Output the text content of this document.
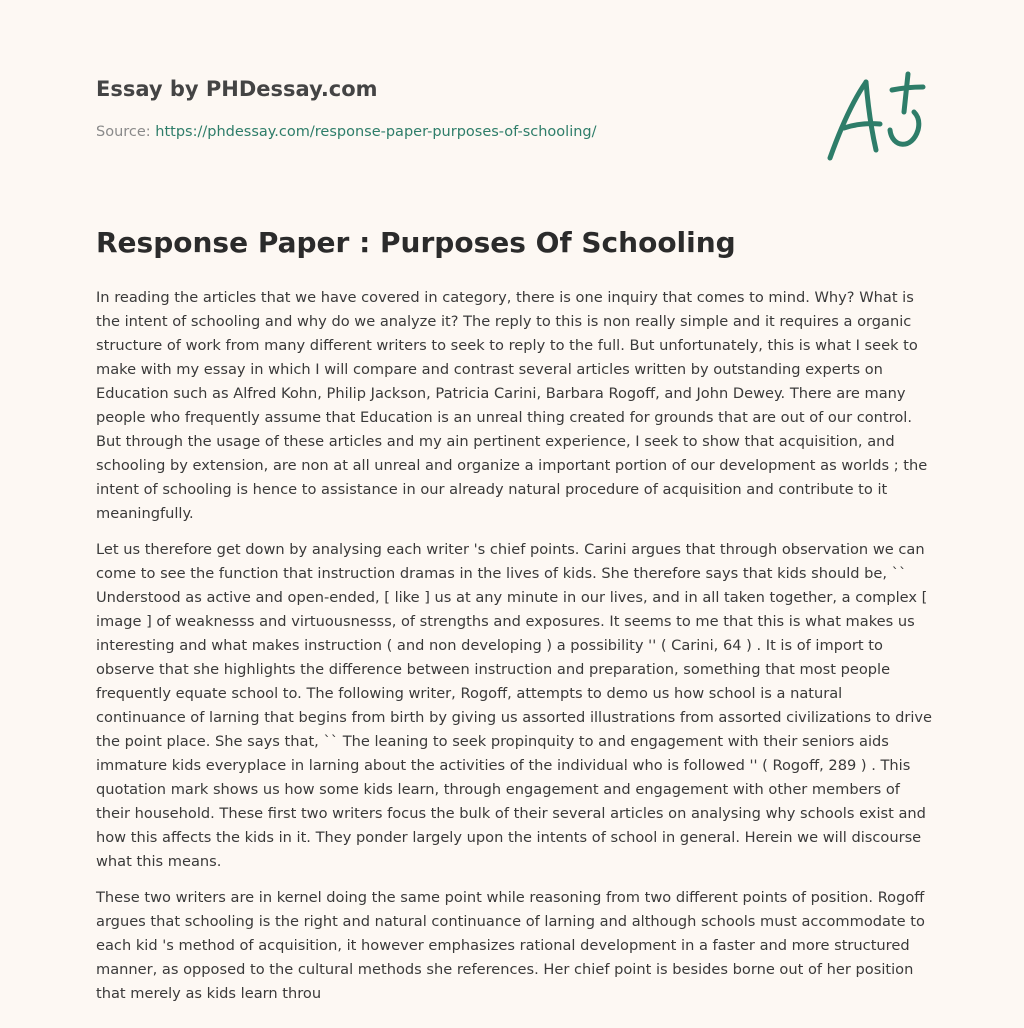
Essay by PHDessay.com
Source: https://phdessay.com/response-paper-purposes-of-schooling/
Response Paper : Purposes Of Schooling

In reading the articles that we have covered in category, there is one inquiry that comes to mind. Why? What is the intent of schooling and why do we analyze it? The reply to this is non really simple and it requires a organic structure of work from many different writers to seek to reply to the full. But unfortunately, this is what I seek to make with my essay in which I will compare and contrast several articles written by outstanding experts on Education such as Alfred Kohn, Philip Jackson, Patricia Carini, Barbara Rogoff, and John Dewey. There are many people who frequently assume that Education is an unreal thing created for grounds that are out of our control. But through the usage of these articles and my ain pertinent experience, I seek to show that acquisition, and schooling by extension, are non at all unreal and organize a important portion of our development as worlds ; the intent of schooling is hence to assistance in our already natural procedure of acquisition and contribute to it meaningfully.

Let us therefore get down by analysing each writer 's chief points. Carini argues that through observation we can come to see the function that instruction dramas in the lives of kids. She therefore says that kids should be, `` Understood as active and open-ended, [ like ] us at any minute in our lives, and in all taken together, a complex [ image ] of weaknesss and virtuousnesss, of strengths and exposures. It seems to me that this is what makes us interesting and what makes instruction ( and non developing ) a possibility '' ( Carini, 64 ) . It is of import to observe that she highlights the difference between instruction and preparation, something that most people frequently equate school to. The following writer, Rogoff, attempts to demo us how school is a natural continuance of larning that begins from birth by giving us assorted illustrations from assorted civilizations to drive the point place. She says that, `` The leaning to seek propinquity to and engagement with their seniors aids immature kids everyplace in larning about the activities of the individual who is followed '' ( Rogoff, 289 ) . This quotation mark shows us how some kids learn, through engagement and engagement with other members of their household. These first two writers focus the bulk of their several articles on analysing why schools exist and how this affects the kids in it. They ponder largely upon the intents of school in general. Herein we will discourse what this means.

These two writers are in kernel doing the same point while reasoning from two different points of position. Rogoff argues that schooling is the right and natural continuance of larning and although schools must accommodate to each kid 's method of acquisition, it however emphasizes rational development in a faster and more structured manner, as opposed to the cultural methods she references. Her chief point is besides borne out of her position that merely as kids learn throu
